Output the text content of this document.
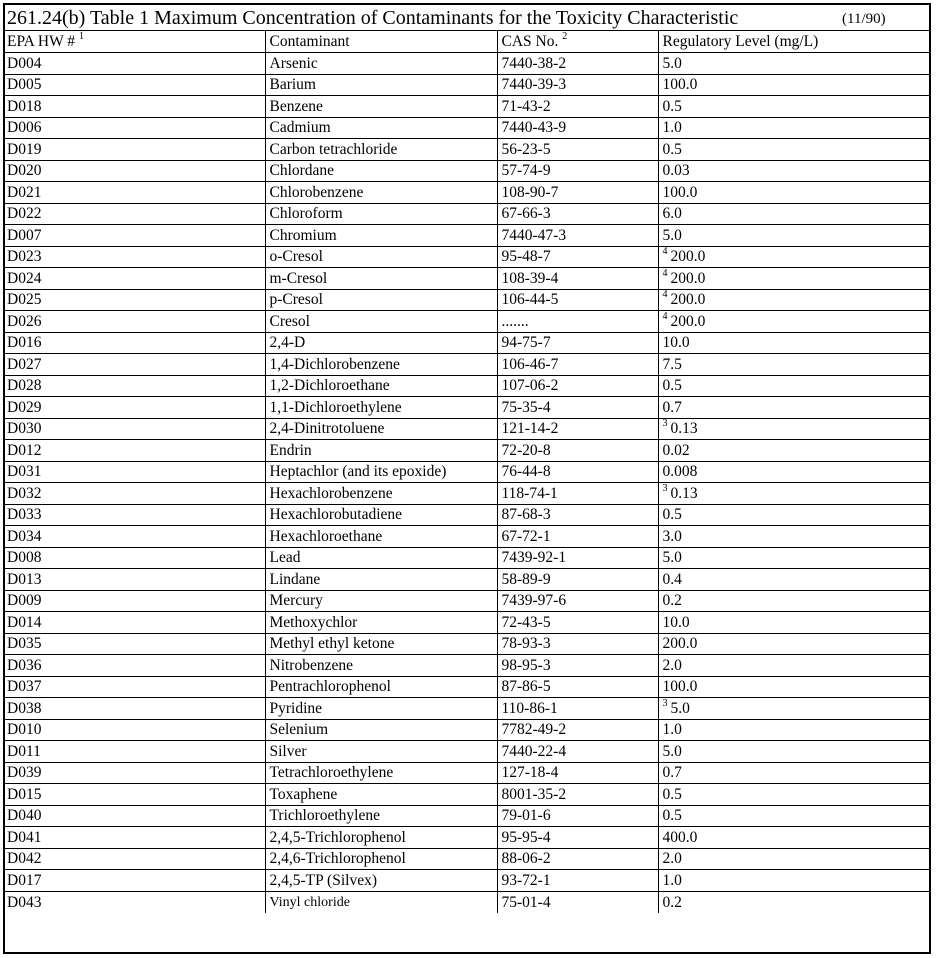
261.24(b) Table 1 Maximum Concentration of Contaminants for the Toxicity Characteristic	(11/90)
EPA HW # $^1$	Contaminant	CAS No. $^2$	Regulatory Level (mg/L)
D004	Arsenic	7440-38-2	5.0
D005	Barium	7440-39-3	100.0
D018	Benzene	71-43-2	0.5
D006	Cadmium	7440-43-9	1.0
D019	Carbon tetrachloride	56-23-5	0.5
D020	Chlordane	57-74-9	0.03
D021	Chlorobenzene	108-90-7	100.0
D022	Chloroform	67-66-3	6.0
D007	Chromium	7440-47-3	5.0
D023	o-Cresol	95-48-7	$^4$ 200.0
D024	m-Cresol	108-39-4	$^4$ 200.0
D025	p-Cresol	106-44-5	$^4$ 200.0
D026	Cresol	.......	$^4$ 200.0
D016	2,4-D	94-75-7	10.0
D027	1,4-Dichlorobenzene	106-46-7	7.5
D028	1,2-Dichloroethane	107-06-2	0.5
D029	1,1-Dichloroethylene	75-35-4	0.7
D030	2,4-Dinitrotoluene	121-14-2	$^3$ 0.13
D012	Endrin	72-20-8	0.02
D031	Heptachlor (and its epoxide)	76-44-8	0.008
D032	Hexachlorobenzene	118-74-1	$^3$ 0.13
D033	Hexachlorobutadiene	87-68-3	0.5
D034	Hexachloroethane	67-72-1	3.0
D008	Lead	7439-92-1	5.0
D013	Lindane	58-89-9	0.4
D009	Mercury	7439-97-6	0.2
D014	Methoxychlor	72-43-5	10.0
D035	Methyl ethyl ketone	78-93-3	200.0
D036	Nitrobenzene	98-95-3	2.0
D037	Pentrachlorophenol	87-86-5	100.0
D038	Pyridine	110-86-1	$^3$ 5.0
D010	Selenium	7782-49-2	1.0
D011	Silver	7440-22-4	5.0
D039	Tetrachloroethylene	127-18-4	0.7
D015	Toxaphene	8001-35-2	0.5
D040	Trichloroethylene	79-01-6	0.5
D041	2,4,5-Trichlorophenol	95-95-4	400.0
D042	2,4,6-Trichlorophenol	88-06-2	2.0
D017	2,4,5-TP (Silvex)	93-72-1	1.0
D043	Vinyl chloride	75-01-4	0.2
